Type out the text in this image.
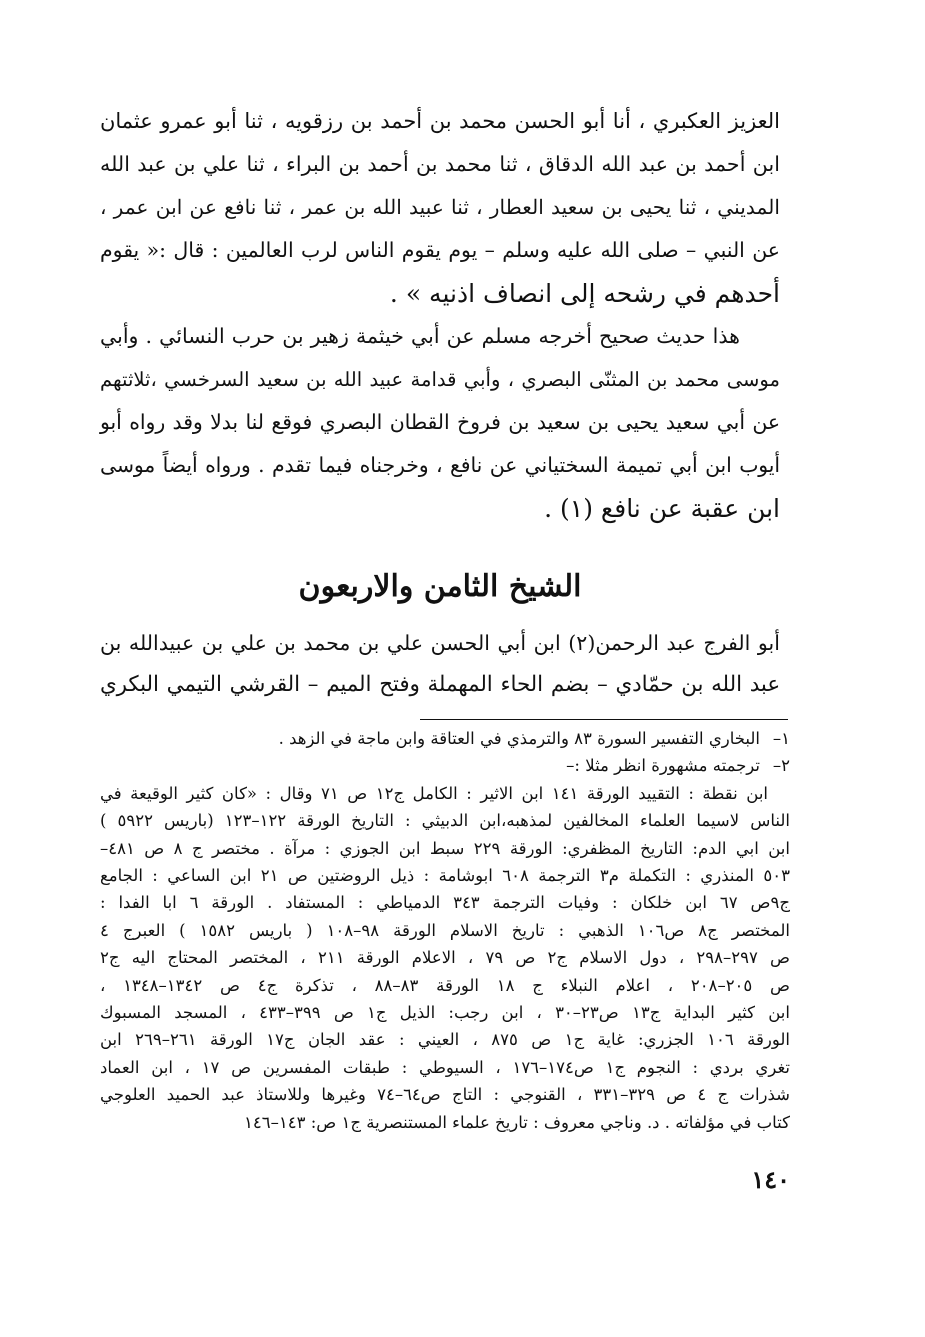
العزيز العكبري ، أنا أبو الحسن محمد بن أحمد بن رزقويه ، ثنا أبو عمرو عثمان
ابن أحمد بن عبد الله الدقاق ، ثنا محمد بن أحمد بن البراء ، ثنا علي بن عبد الله
المديني ، ثنا يحيى بن سعيد العطار ، ثنا عبيد الله بن عمر ، ثنا نافع عن ابن عمر ،
عن النبي – صلى الله عليه وسلم – يوم يقوم الناس لرب العالمين : قال :« يقوم
أحدهم في رشحه إلى انصاف اذنيه » .

هذا حديث صحيح أخرجه مسلم عن أبي خيثمة زهير بن حرب النسائي . وأبي
موسى محمد بن المثنّى البصري ، وأبي قدامة عبيد الله بن سعيد السرخسي ،ثلاثتهم
عن أبي سعيد يحيى بن سعيد بن فروخ القطان البصري فوقع لنا بدلا وقد رواه أبو
أيوب ابن أبي تميمة السختياني عن نافع ، وخرجناه فيما تقدم . ورواه أيضاً موسى
ابن عقبة عن نافع (١) .

الشيخ الثامن والاربعون
أبو الفرج عبد الرحمن(٢) ابن أبي الحسن علي بن محمد بن علي بن عبيدالله بن
عبد الله بن حمّادي – بضم الحاء المهملة وفتح الميم – القرشي التيمي البكري
١–البخاري التفسير السورة ٨٣ والترمذي في العتاقة وابن ماجة في الزهد .
٢–ترجمته مشهورة انظر مثلا :–
ابن نقطة : التقييد الورقة ١٤١ ابن الاثير : الكامل ج١٢ ص ٧١ وقال : «كان كثير الوقيعة في
الناس لاسيما العلماء المخالفين لمذهبه،ابن الدبيثي : التاريخ الورقة ١٢٢–١٢٣ (باريس ٥٩٢٢ )
ابن ابي الدم: التاريخ المظفري: الورقة ٢٢٩ سبط ابن الجوزي : مرآة . مختصر ج ٨ ص ٤٨١–
٥٠٣ المنذري : التكملة م٣ الترجمة ٦٠٨ ابوشامة : ذيل الروضتين ص ٢١ ابن الساعي : الجامع
ج٩ص ٦٧ ابن خلكان : وفيات الترجمة ٣٤٣ الدمياطي : المستفاد . الورقة ٦ ابا الفدا :
المختصر ج٨ ص١٠٦ الذهبي : تاريخ الاسلام الورقة ٩٨–١٠٨ ( باريس ١٥٨٢ ) العبرج ٤
ص ٢٩٧–٢٩٨ ، دول الاسلام ج٢ ص ٧٩ ، الاعلام الورقة ٢١١ ، المختصر المحتاج اليه ج٢
ص ٢٠٥–٢٠٨ ، اعلام النبلاء ج ١٨ الورقة ٨٣–٨٨ ، تذكرة ج٤ ص ١٣٤٢–١٣٤٨ ،
ابن كثير البداية ج١٣ ص٢٣–٣٠ ، ابن رجب: الذيل ج١ ص ٣٩٩–٤٣٣ ، المسجد المسبوك
الورقة ١٠٦ الجزري: غاية ج١ ص ٨٧٥ ، العيني : عقد الجان ج١٧ الورقة ٢٦١–٢٦٩ ابن
تغري بردي : النجوم ج١ ص١٧٤–١٧٦ ، السيوطي : طبقات المفسرين ص ١٧ ، ابن العماد
شذرات ج ٤ ص ٣٢٩–٣٣١ ، القنوجي : التاج ص٦٤–٧٤ وغيرها وللاستاذ عبد الحميد العلوجي
كتاب في مؤلفاته . د. وناجي معروف : تاريخ علماء المستنصرية ج١ ص: ١٤٣–١٤٦
١٤٠
